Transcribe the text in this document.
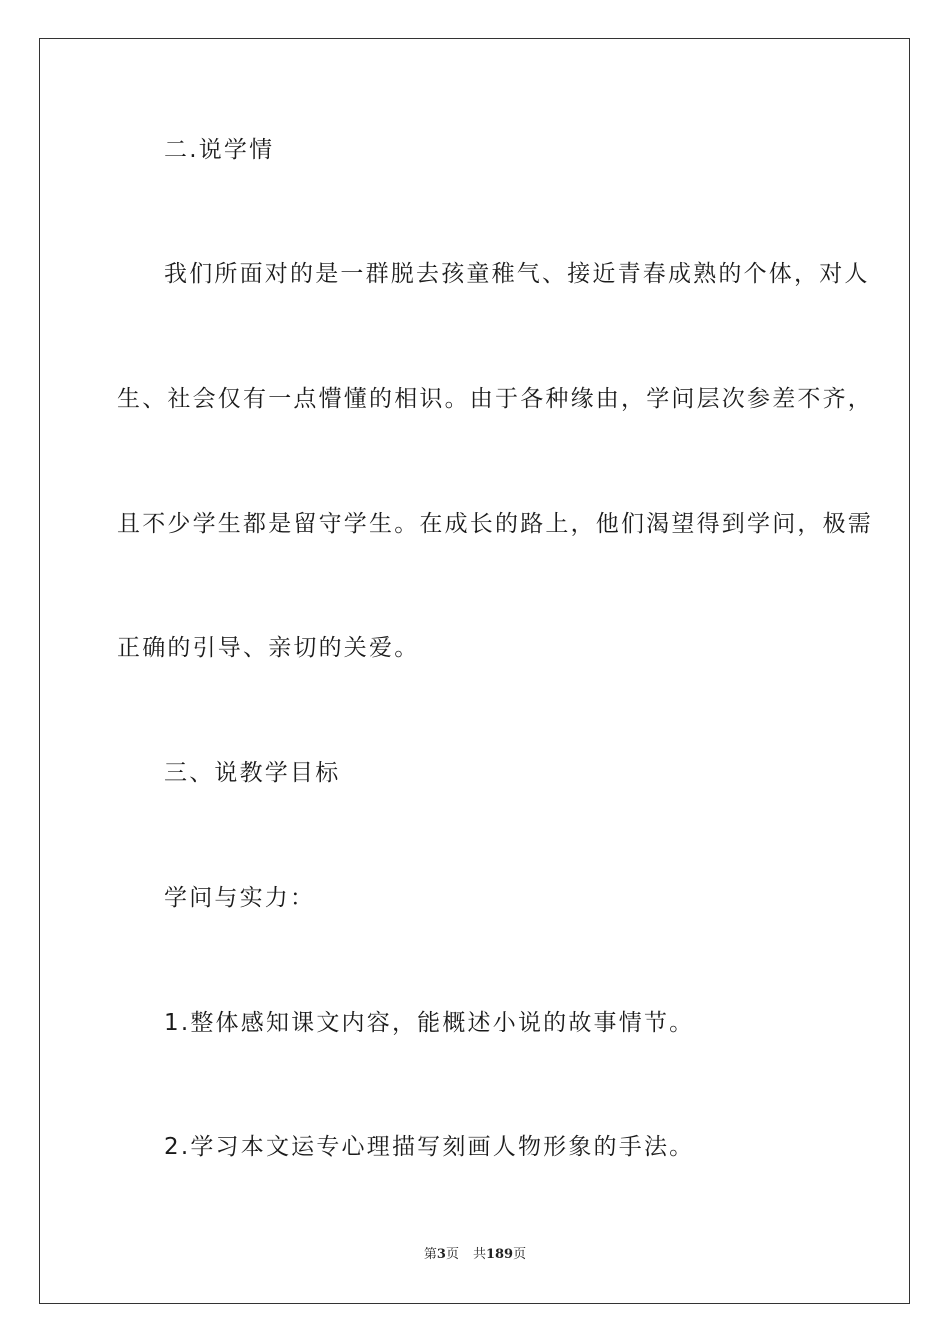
二.说学情
我们所面对的是一群脱去孩童稚气、接近青春成熟的个体，对人
生、社会仅有一点懵懂的相识。由于各种缘由，学问层次参差不齐，
且不少学生都是留守学生。在成长的路上，他们渴望得到学问，极需
正确的引导、亲切的关爱。
三、说教学目标
学问与实力：
1.整体感知课文内容，能概述小说的故事情节。
2.学习本文运专心理描写刻画人物形象的手法。
第3页 共189页
